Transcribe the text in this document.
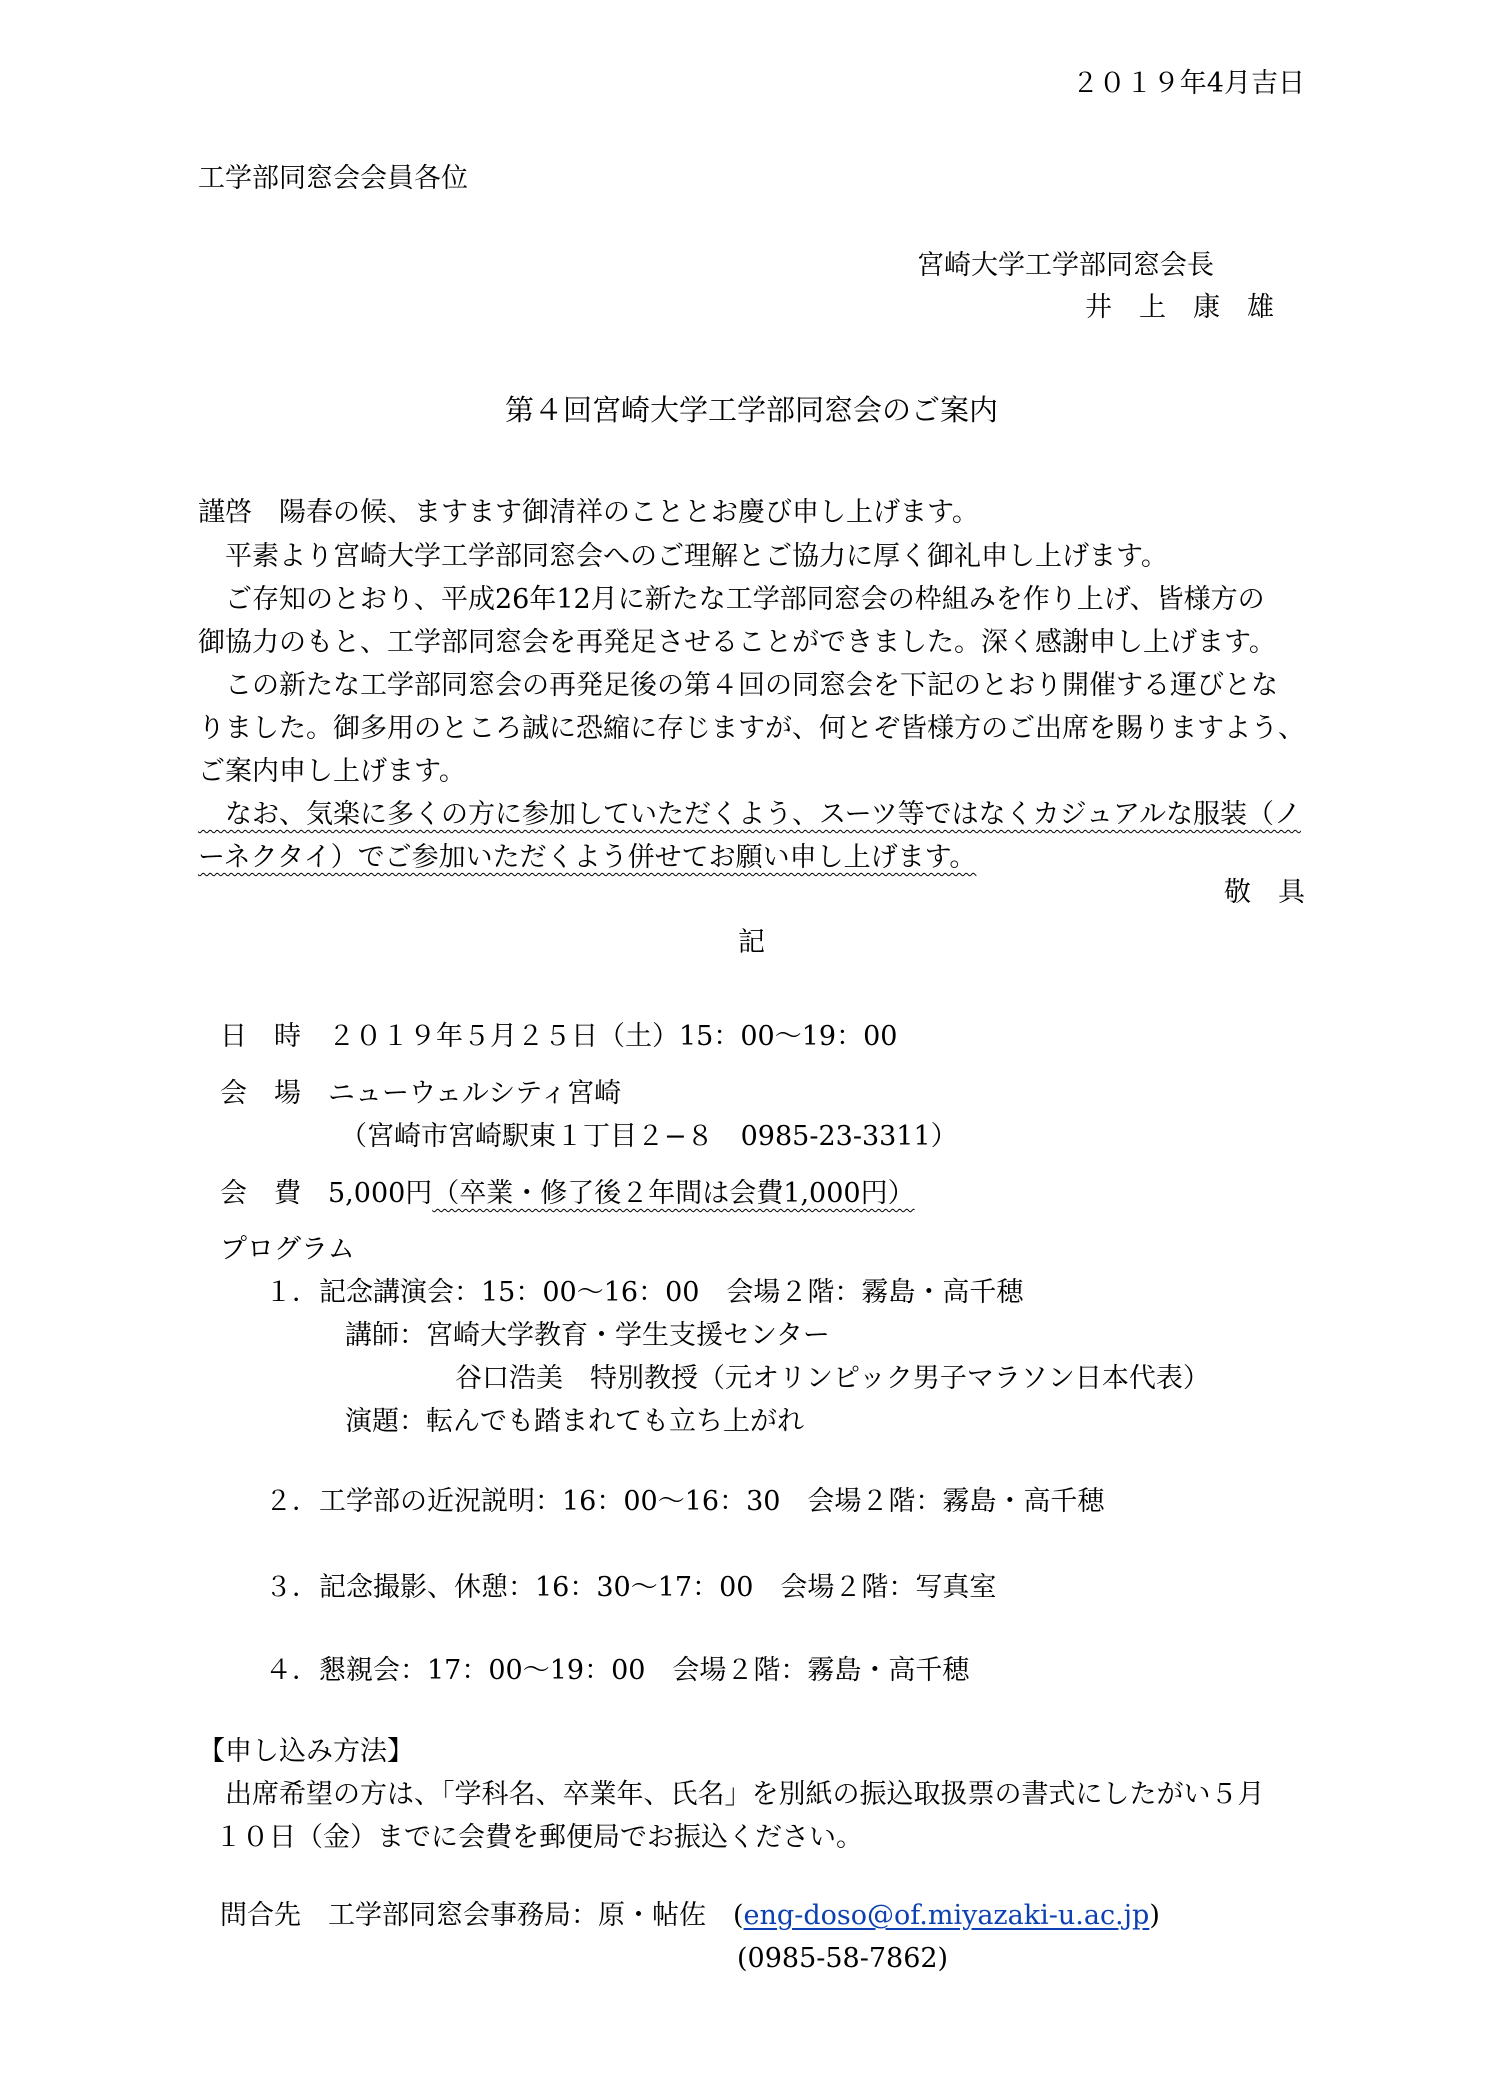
２０１９年4月吉日
工学部同窓会会員各位
宮崎大学工学部同窓会長
井　上　康　雄
第４回宮崎大学工学部同窓会のご案内
謹啓　陽春の候、ますます御清祥のこととお慶び申し上げます。
　平素より宮崎大学工学部同窓会へのご理解とご協力に厚く御礼申し上げます。
　ご存知のとおり、平成26年12月に新たな工学部同窓会の枠組みを作り上げ、皆様方の
御協力のもと、工学部同窓会を再発足させることができました。深く感謝申し上げます。
　この新たな工学部同窓会の再発足後の第４回の同窓会を下記のとおり開催する運びとな
りました。御多用のところ誠に恐縮に存じますが、何とぞ皆様方のご出席を賜りますよう、
ご案内申し上げます。
　なお、気楽に多くの方に参加していただくよう、スーツ等ではなくカジュアルな服装（ノ
ーネクタイ）でご参加いただくよう併せてお願い申し上げます。
敬　具
記
日　時　２０１９年５月２５日（土）15：00～19：00
会　場　ニューウェルシティ宮崎
（宮崎市宮崎駅東１丁目２−８　0985-23-3311）
会　費　5,000円（卒業・修了後２年間は会費1,000円）
プログラム
１．記念講演会：15：00～16：00　会場２階：霧島・高千穂
講師：宮崎大学教育・学生支援センター
谷口浩美　特別教授（元オリンピック男子マラソン日本代表）
演題：転んでも踏まれても立ち上がれ
２．工学部の近況説明：16：00～16：30　会場２階：霧島・高千穂
３．記念撮影、休憩：16：30～17：00　会場２階：写真室
４．懇親会：17：00～19：00　会場２階：霧島・高千穂
【申し込み方法】
　出席希望の方は、「学科名、卒業年、氏名」を別紙の振込取扱票の書式にしたがい５月
１０日（金）までに会費を郵便局でお振込ください。
問合先　工学部同窓会事務局：原・帖佐　(eng-doso@of.miyazaki-u.ac.jp)
(0985-58-7862)
